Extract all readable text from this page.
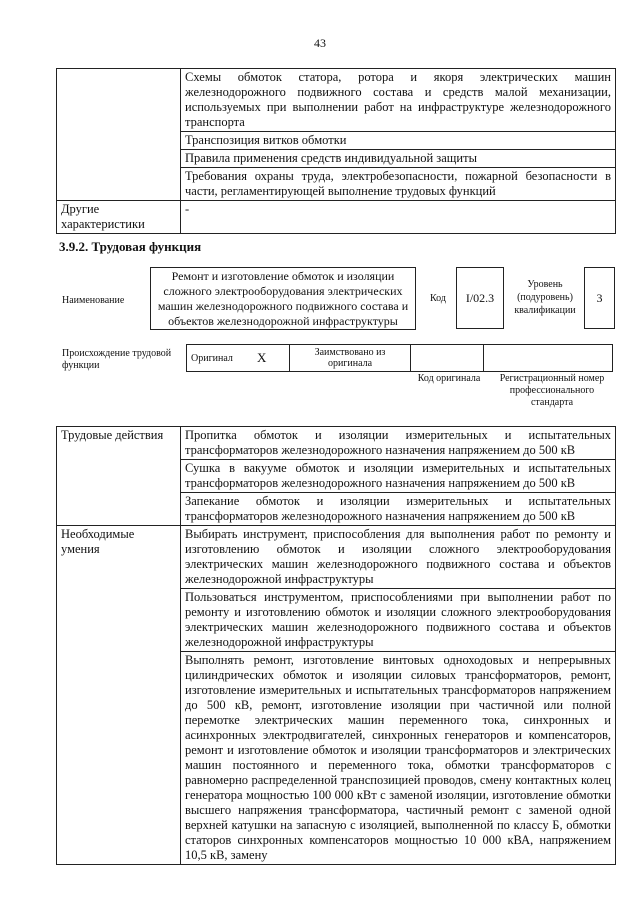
43
	Схемы обмоток статора, ротора и якоря электрических машин железнодорожного подвижного состава и средств малой механизации, используемых при выполнении работ на инфраструктуре железнодорожного транспорта
	Транспозиция витков обмотки
	Правила применения средств индивидуальной защиты
	Требования охраны труда, электробезопасности, пожарной безопасности в части, регламентирующей выполнение трудовых функций
Другие характеристики	-
3.9.2. Трудовая функция
Наименование
Ремонт и изготовление обмоток и изоляции сложного электрооборудования электрических машин железнодорожного подвижного состава и объектов железнодорожной инфраструктуры
Код	I/02.3
Уровень (подуровень) квалификации
3
Происхождение трудовой функции
Оригинал	X	Заимствовано из оригинала		
Код оригинала	Регистрационный номер профессионального стандарта
Трудовые действия	Пропитка обмоток и изоляции измерительных и испытательных трансформаторов железнодорожного назначения напряжением до 500 кВ
	Сушка в вакууме обмоток и изоляции измерительных и испытательных трансформаторов железнодорожного назначения напряжением до 500 кВ
	Запекание обмоток и изоляции измерительных и испытательных трансформаторов железнодорожного назначения напряжением до 500 кВ
Необходимые умения	Выбирать инструмент, приспособления для выполнения работ по ремонту и изготовлению обмоток и изоляции сложного электрооборудования электрических машин железнодорожного подвижного состава и объектов железнодорожной инфраструктуры
	Пользоваться инструментом, приспособлениями при выполнении работ по ремонту и изготовлению обмоток и изоляции сложного электрооборудования электрических машин железнодорожного подвижного состава и объектов железнодорожной инфраструктуры
	Выполнять ремонт, изготовление винтовых одноходовых и непрерывных цилиндрических обмоток и изоляции силовых трансформаторов, ремонт, изготовление измерительных и испытательных трансформаторов напряжением до 500 кВ, ремонт, изготовление изоляции при частичной или полной перемотке электрических машин переменного тока, синхронных и асинхронных электродвигателей, синхронных генераторов и компенсаторов, ремонт и изготовление обмоток и изоляции трансформаторов и электрических машин постоянного и переменного тока, обмотки трансформаторов с равномерно распределенной транспозицией проводов, смену контактных колец генератора мощностью 100 000 кВт с заменой изоляции, изготовление обмотки высшего напряжения трансформатора, частичный ремонт с заменой одной верхней катушки на запасную с изоляцией, выполненной по классу Б, обмотки статоров синхронных компенсаторов мощностью 10 000 кВА, напряжением 10,5 кВ, замену
